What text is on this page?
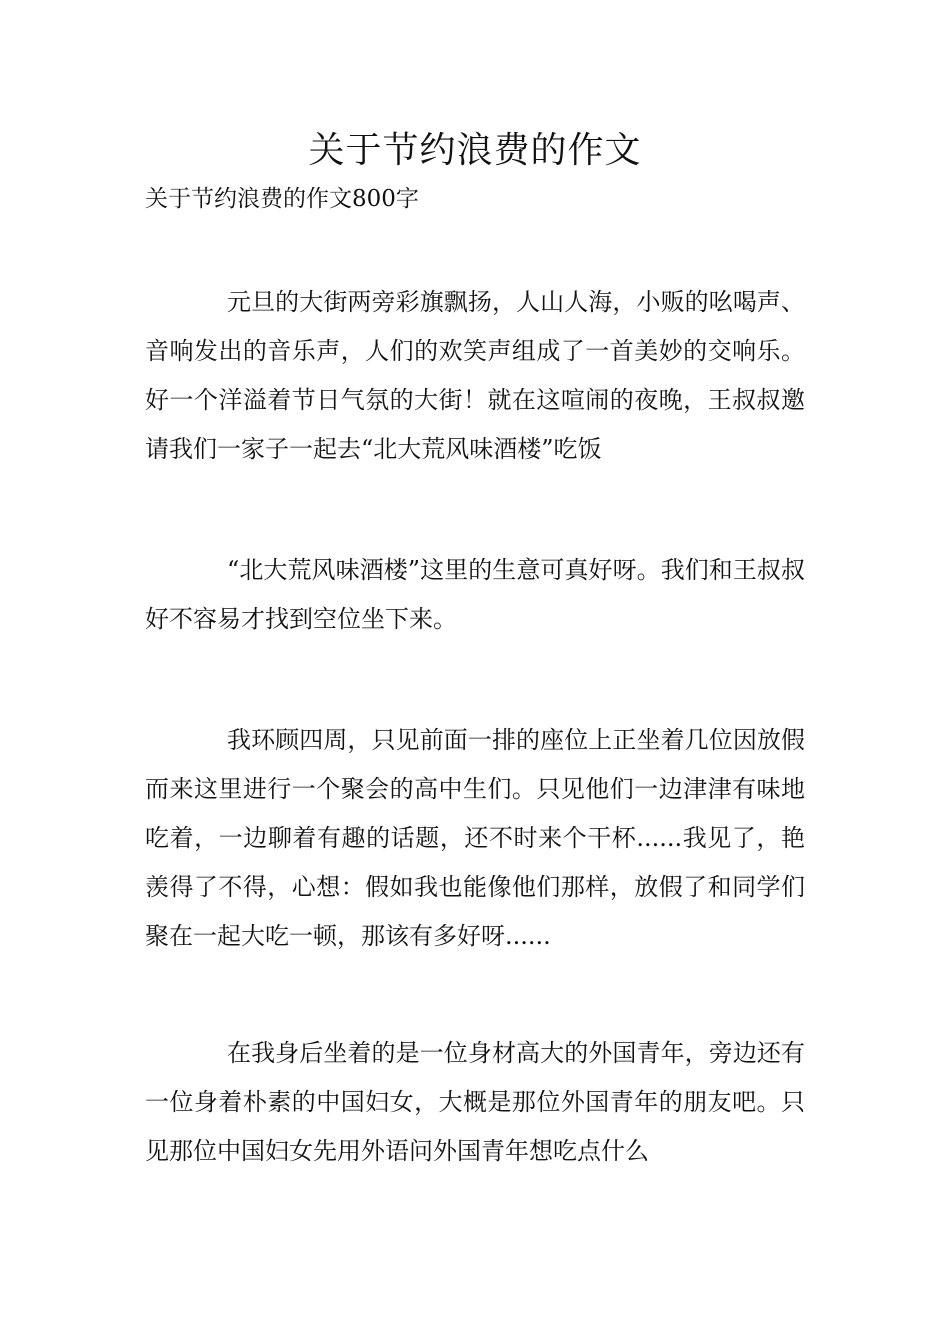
关于节约浪费的作文

关于节约浪费的作文800字

元旦的大街两旁彩旗飘扬，人山人海，小贩的吆喝声、音响发出的音乐声，人们的欢笑声组成了一首美妙的交响乐。好一个洋溢着节日气氛的大街！就在这喧闹的夜晚，王叔叔邀请我们一家子一起去“北大荒风味酒楼”吃饭

“北大荒风味酒楼”这里的生意可真好呀。我们和王叔叔好不容易才找到空位坐下来。

我环顾四周，只见前面一排的座位上正坐着几位因放假而来这里进行一个聚会的高中生们。只见他们一边津津有味地吃着，一边聊着有趣的话题，还不时来个干杯......我见了，艳羡得了不得，心想：假如我也能像他们那样，放假了和同学们聚在一起大吃一顿，那该有多好呀......

在我身后坐着的是一位身材高大的外国青年，旁边还有一位身着朴素的中国妇女，大概是那位外国青年的朋友吧。只见那位中国妇女先用外语问外国青年想吃点什么
